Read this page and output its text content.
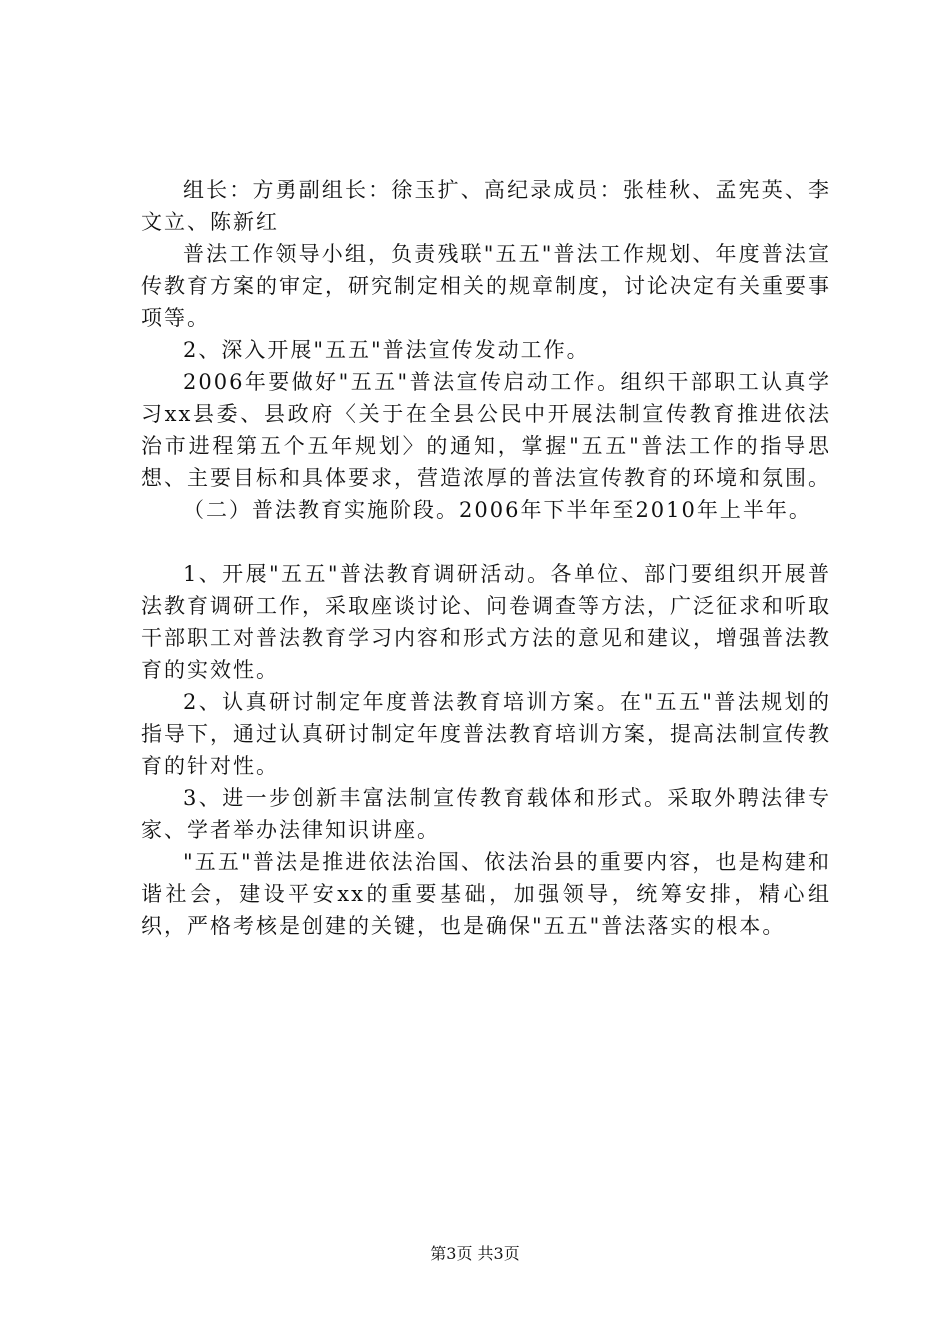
组长：方勇副组长：徐玉扩、高纪录成员：张桂秋、孟宪英、李文立、陈新红

普法工作领导小组，负责残联"五五"普法工作规划、年度普法宣传教育方案的审定，研究制定相关的规章制度，讨论决定有关重要事项等。

2、深入开展"五五"普法宣传发动工作。

2006年要做好"五五"普法宣传启动工作。组织干部职工认真学习xx县委、县政府〈关于在全县公民中开展法制宣传教育推进依法治市进程第五个五年规划〉的通知，掌握"五五"普法工作的指导思想、主要目标和具体要求，营造浓厚的普法宣传教育的环境和氛围。

（二）普法教育实施阶段。2006年下半年至2010年上半年。

1、开展"五五"普法教育调研活动。各单位、部门要组织开展普法教育调研工作，采取座谈讨论、问卷调查等方法，广泛征求和听取干部职工对普法教育学习内容和形式方法的意见和建议，增强普法教育的实效性。

2、认真研讨制定年度普法教育培训方案。在"五五"普法规划的指导下，通过认真研讨制定年度普法教育培训方案，提高法制宣传教育的针对性。

3、进一步创新丰富法制宣传教育载体和形式。采取外聘法律专家、学者举办法律知识讲座。

"五五"普法是推进依法治国、依法治县的重要内容，也是构建和谐社会，建设平安xx的重要基础，加强领导，统筹安排，精心组织，严格考核是创建的关键，也是确保"五五"普法落实的根本。

第3页 共3页
